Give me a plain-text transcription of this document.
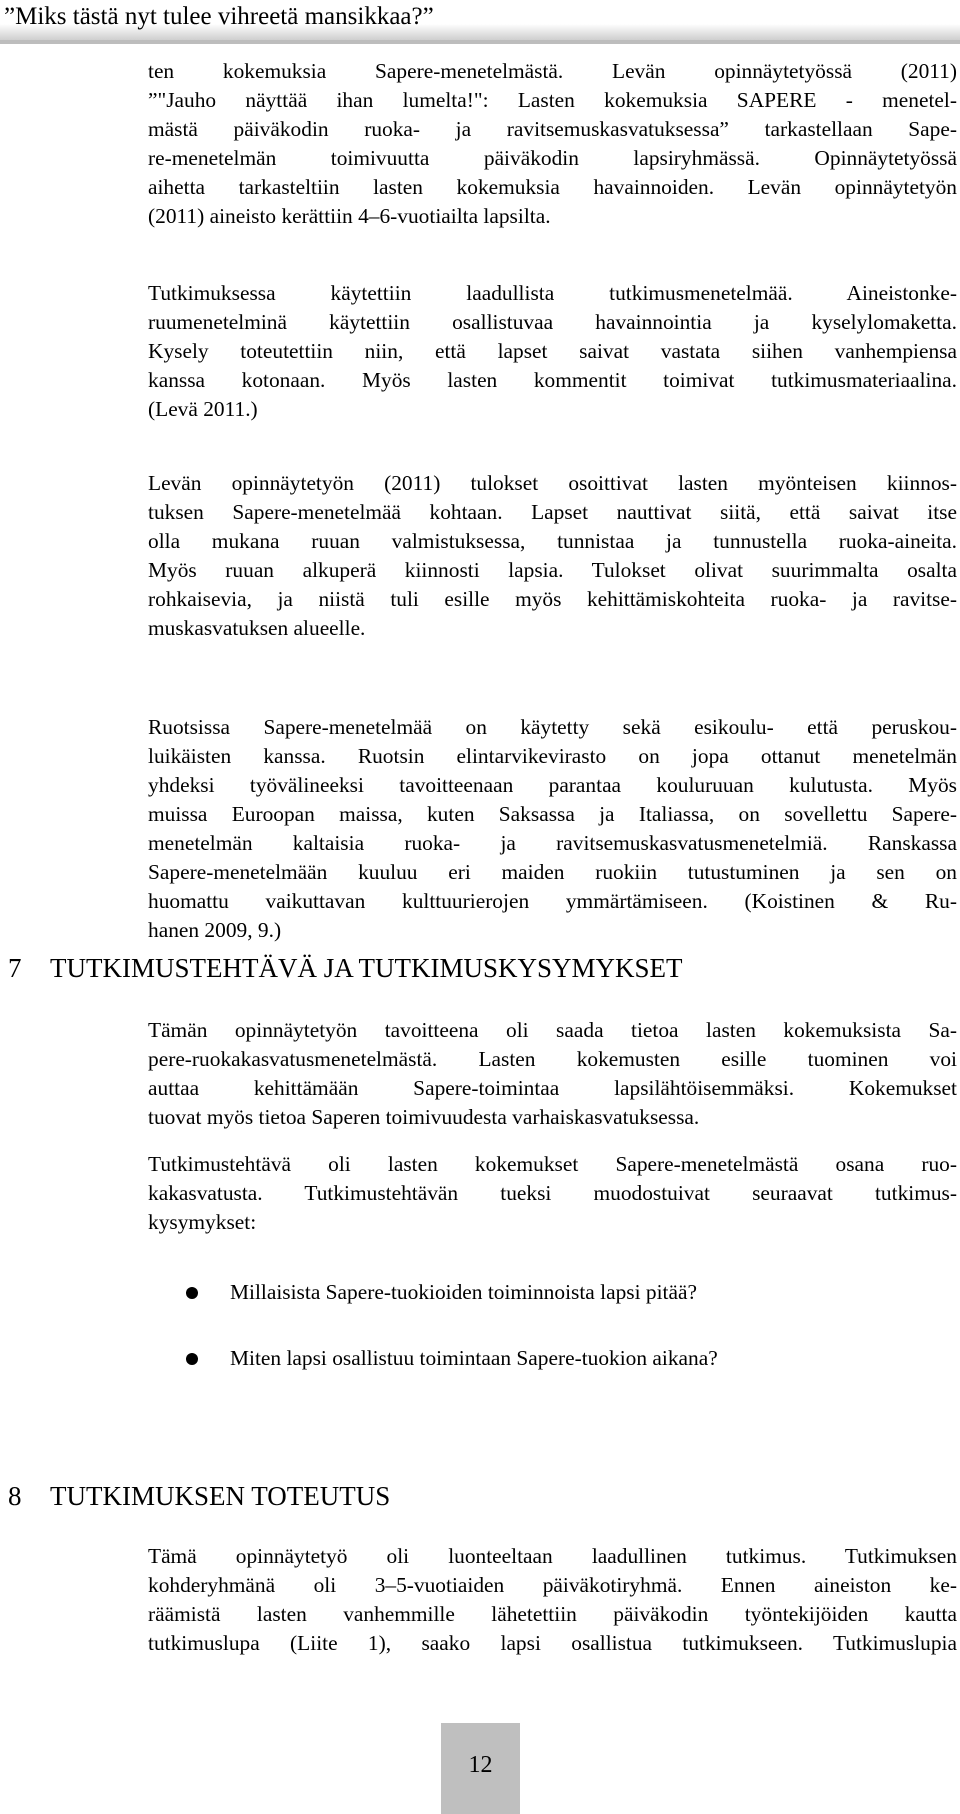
”Miks tästä nyt tulee vihreetä mansikkaa?”
ten kokemuksia Sapere-menetelmästä. Levän opinnäytetyössä (2011)
”"Jauho näyttää ihan lumelta!": Lasten kokemuksia SAPERE - menetel-
mästä päiväkodin ruoka- ja ravitsemuskasvatuksessa” tarkastellaan Sape-
re-menetelmän toimivuutta päiväkodin lapsiryhmässä. Opinnäytetyössä
aihetta tarkasteltiin lasten kokemuksia havainnoiden. Levän opinnäytetyön
(2011) aineisto kerättiin 4–6-vuotiailta lapsilta.
Tutkimuksessa käytettiin laadullista tutkimusmenetelmää. Aineistonke-
ruumenetelminä käytettiin osallistuvaa havainnointia ja kyselylomaketta.
Kysely toteutettiin niin, että lapset saivat vastata siihen vanhempiensa
kanssa kotonaan. Myös lasten kommentit toimivat tutkimusmateriaalina.
(Levä 2011.)
Levän opinnäytetyön (2011) tulokset osoittivat lasten myönteisen kiinnos-
tuksen Sapere-menetelmää kohtaan. Lapset nauttivat siitä, että saivat itse
olla mukana ruuan valmistuksessa, tunnistaa ja tunnustella ruoka-aineita.
Myös ruuan alkuperä kiinnosti lapsia. Tulokset olivat suurimmalta osalta
rohkaisevia, ja niistä tuli esille myös kehittämiskohteita ruoka- ja ravitse-
muskasvatuksen alueelle.
Ruotsissa Sapere-menetelmää on käytetty sekä esikoulu- että peruskou-
luikäisten kanssa. Ruotsin elintarvikevirasto on jopa ottanut menetelmän
yhdeksi työvälineeksi tavoitteenaan parantaa kouluruuan kulutusta. Myös
muissa Euroopan maissa, kuten Saksassa ja Italiassa, on sovellettu Sapere-
menetelmän kaltaisia ruoka- ja ravitsemuskasvatusmenetelmiä. Ranskassa
Sapere-menetelmään kuuluu eri maiden ruokiin tutustuminen ja sen on
huomattu vaikuttavan kulttuurierojen ymmärtämiseen. (Koistinen & Ru-
hanen 2009, 9.)
7 TUTKIMUSTEHTÄVÄ JA TUTKIMUSKYSYMYKSET
Tämän opinnäytetyön tavoitteena oli saada tietoa lasten kokemuksista Sa-
pere-ruokakasvatusmenetelmästä. Lasten kokemusten esille tuominen voi
auttaa kehittämään Sapere-toimintaa lapsilähtöisemmäksi. Kokemukset
tuovat myös tietoa Saperen toimivuudesta varhaiskasvatuksessa.
Tutkimustehtävä oli lasten kokemukset Sapere-menetelmästä osana ruo-
kakasvatusta. Tutkimustehtävän tueksi muodostuivat seuraavat tutkimus-
kysymykset:
Millaisista Sapere-tuokioiden toiminnoista lapsi pitää?
Miten lapsi osallistuu toimintaan Sapere-tuokion aikana?
8 TUTKIMUKSEN TOTEUTUS
Tämä opinnäytetyö oli luonteeltaan laadullinen tutkimus. Tutkimuksen
kohderyhmänä oli 3–5-vuotiaiden päiväkotiryhmä. Ennen aineiston ke-
räämistä lasten vanhemmille lähetettiin päiväkodin työntekijöiden kautta
tutkimuslupa (Liite 1), saako lapsi osallistua tutkimukseen. Tutkimuslupia
12
